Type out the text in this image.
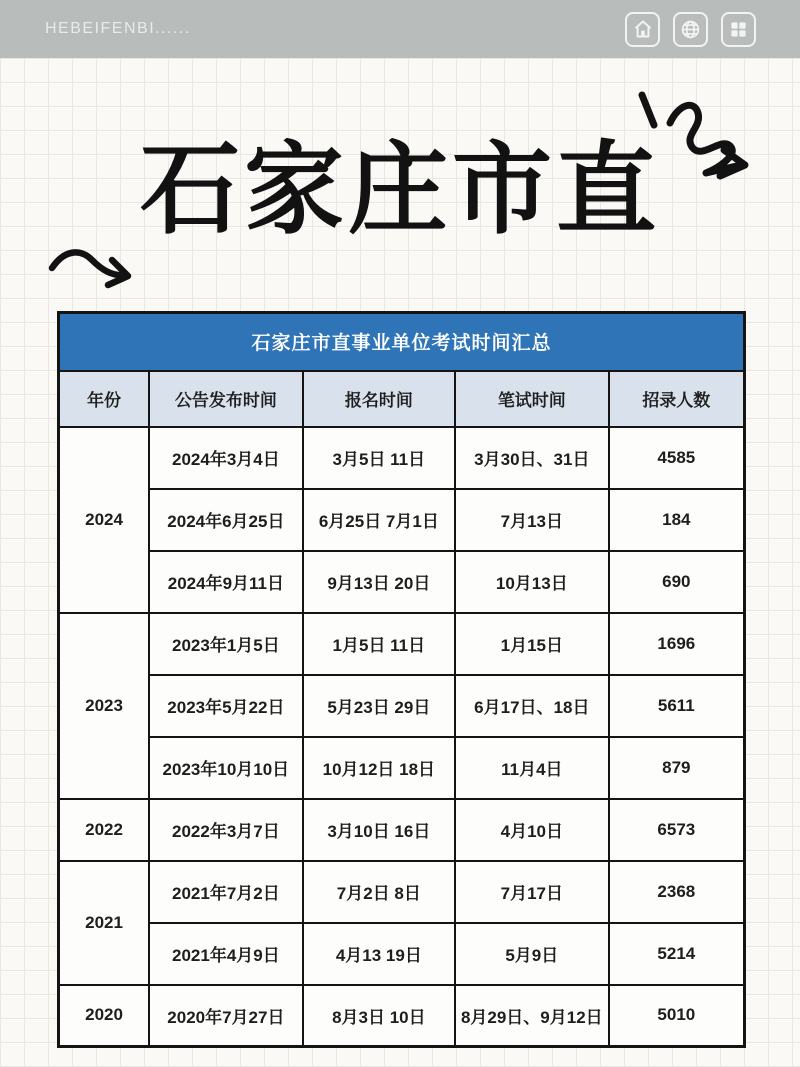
HEBEIFENBI......
石家庄市直
石家庄市直事业单位考试时间汇总				
年份	公告发布时间	报名时间	笔试时间	招录人数
2024	2024年3月4日	3月5日 11日	3月30日、31日	4585
	2024年6月25日	6月25日 7月1日	7月13日	184
	2024年9月11日	9月13日 20日	10月13日	690
2023	2023年1月5日	1月5日 11日	1月15日	1696
	2023年5月22日	5月23日 29日	6月17日、18日	5611
	2023年10月10日	10月12日 18日	11月4日	879
2022	2022年3月7日	3月10日 16日	4月10日	6573
2021	2021年7月2日	7月2日 8日	7月17日	2368
	2021年4月9日	4月13 19日	5月9日	5214
2020	2020年7月27日	8月3日 10日	8月29日、9月12日	5010
